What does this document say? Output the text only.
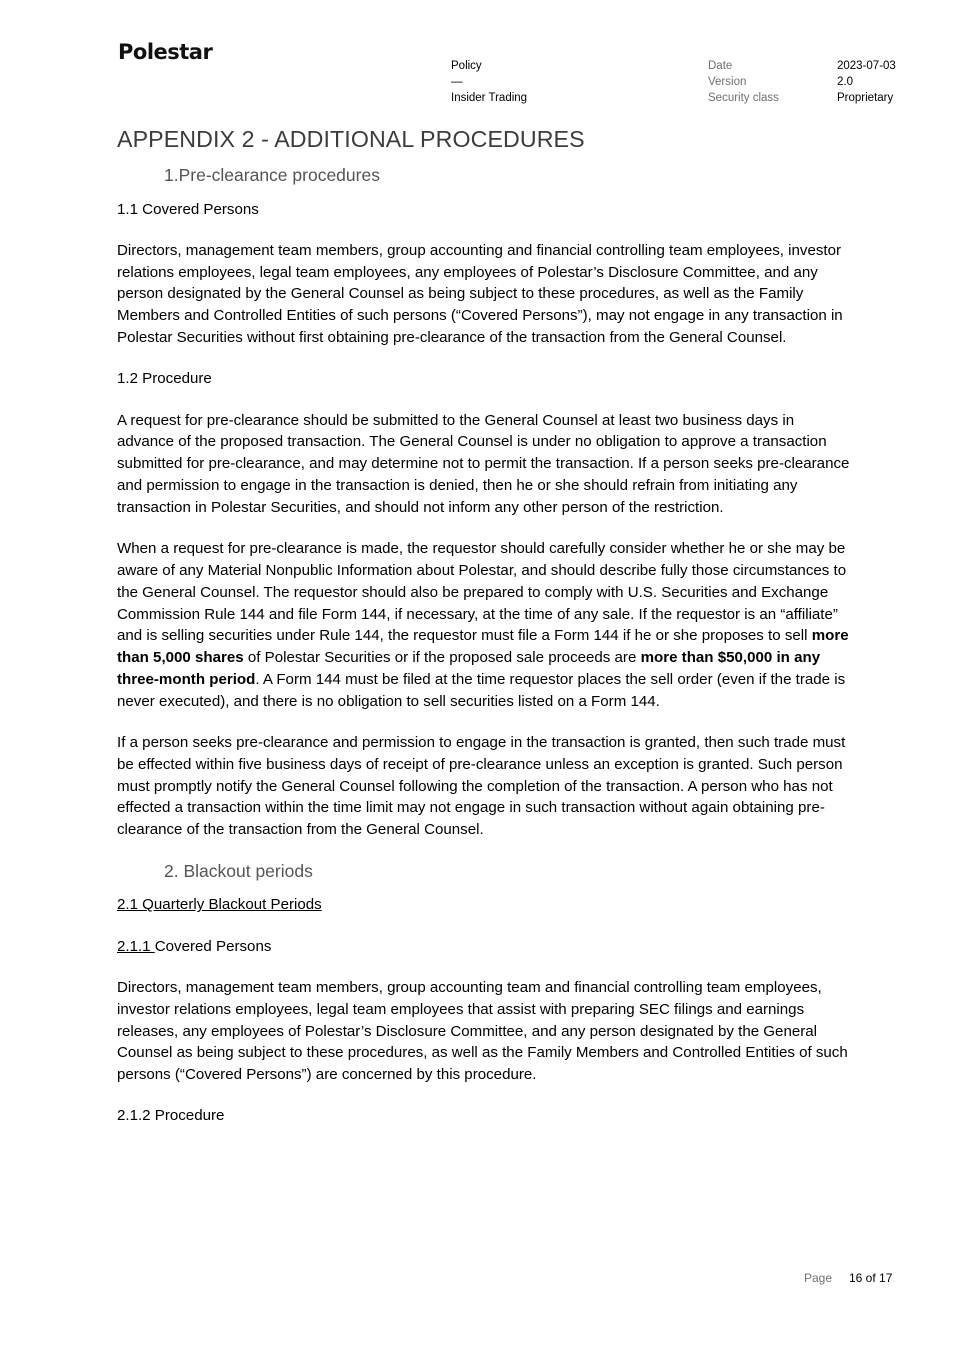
Polestar
Policy
—
Insider Trading
Date
Version
Security class
2023-07-03
2.0
Proprietary
APPENDIX 2 - ADDITIONAL PROCEDURES
1.Pre-clearance procedures
1.1 Covered Persons

Directors, management team members, group accounting and financial controlling team employees, investor relations employees, legal team employees, any employees of Polestar’s Disclosure Committee, and any person designated by the General Counsel as being subject to these procedures, as well as the Family Members and Controlled Entities of such persons (“Covered Persons”), may not engage in any transaction in Polestar Securities without first obtaining pre-clearance of the transaction from the General Counsel.

1.2 Procedure

A request for pre-clearance should be submitted to the General Counsel at least two business days in advance of the proposed transaction. The General Counsel is under no obligation to approve a transaction submitted for pre-clearance, and may determine not to permit the transaction. If a person seeks pre-clearance and permission to engage in the transaction is denied, then he or she should refrain from initiating any transaction in Polestar Securities, and should not inform any other person of the restriction.

When a request for pre-clearance is made, the requestor should carefully consider whether he or she may be aware of any Material Nonpublic Information about Polestar, and should describe fully those circumstances to the General Counsel. The requestor should also be prepared to comply with U.S. Securities and Exchange Commission Rule 144 and file Form 144, if necessary, at the time of any sale. If the requestor is an “affiliate” and is selling securities under Rule 144, the requestor must file a Form 144 if he or she proposes to sell more than 5,000 shares of Polestar Securities or if the proposed sale proceeds are more than $50,000 in any three-month period. A Form 144 must be filed at the time requestor places the sell order (even if the trade is never executed), and there is no obligation to sell securities listed on a Form 144.

If a person seeks pre-clearance and permission to engage in the transaction is granted, then such trade must be effected within five business days of receipt of pre-clearance unless an exception is granted. Such person must promptly notify the General Counsel following the completion of the transaction. A person who has not effected a transaction within the time limit may not engage in such transaction without again obtaining pre-clearance of the transaction from the General Counsel.

2. Blackout periods
2.1 Quarterly Blackout Periods
2.1.1 Covered Persons

Directors, management team members, group accounting team and financial controlling team employees, investor relations employees, legal team employees that assist with preparing SEC filings and earnings releases, any employees of Polestar’s Disclosure Committee, and any person designated by the General Counsel as being subject to these procedures, as well as the Family Members and Controlled Entities of such persons (“Covered Persons”) are concerned by this procedure.

2.1.2 Procedure
Page 16 of 17
